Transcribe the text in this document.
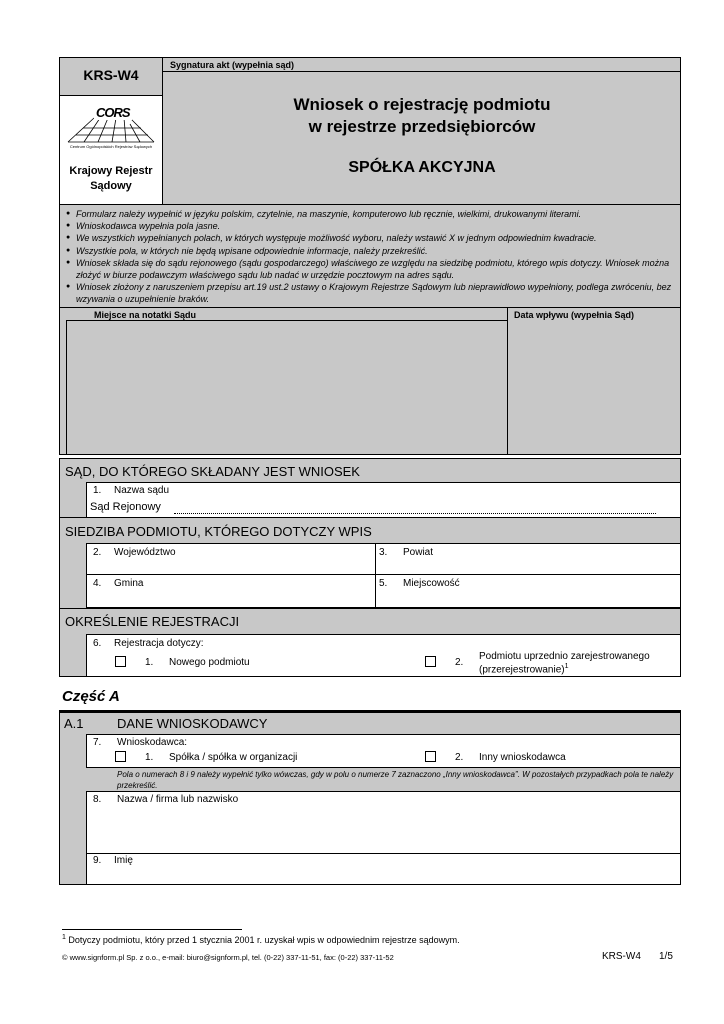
KRS-W4
Sygnatura akt (wypełnia sąd)
CORS
Centrum Ogólnopolskich Rejestrów Sądowych
Krajowy Rejestr Sądowy
Wniosek o rejestrację podmiotu
w rejestrze przedsiębiorców
SPÓŁKA AKCYJNA
● Formularz należy wypełnić w języku polskim, czytelnie, na maszynie, komputerowo lub ręcznie, wielkimi, drukowanymi literami.
● Wnioskodawca wypełnia pola jasne.
● We wszystkich wypełnianych polach, w których występuje możliwość wyboru, należy wstawić X w jednym odpowiednim kwadracie.
● Wszystkie pola, w których nie będą wpisane odpowiednie informacje, należy przekreślić.
● Wniosek składa się do sądu rejonowego (sądu gospodarczego) właściwego ze względu na siedzibę podmiotu, którego wpis dotyczy. Wniosek można złożyć w biurze podawczym właściwego sądu lub nadać w urzędzie pocztowym na adres sądu.
● Wniosek złożony z naruszeniem przepisu art.19 ust.2 ustawy o Krajowym Rejestrze Sądowym lub nieprawidłowo wypełniony, podlega zwróceniu, bez wzywania o uzupełnienie braków.
Miejsce na notatki Sądu	Data wpływu (wypełnia Sąd)
SĄD, DO KTÓREGO SKŁADANY JEST WNIOSEK
1. Nazwa sądu
Sąd Rejonowy
SIEDZIBA PODMIOTU, KTÓREGO DOTYCZY WPIS
2. Województwo	3. Powiat
4. Gmina	5. Miejscowość
OKREŚLENIE REJESTRACJI
6. Rejestracja dotyczy:
1. Nowego podmiotu	2.
Podmiotu uprzednio zarejestrowanego
(przerejestrowanie)$^1$
Część A
A.1	DANE WNIOSKODAWCY
7. Wnioskodawca:
1. Spółka / spółka w organizacji	2. Inny wnioskodawca
Pola o numerach 8 i 9 należy wypełnić tylko wówczas, gdy w polu o numerze 7 zaznaczono „Inny wnioskodawca”. W pozostałych przypadkach pola te należy przekreślić.
8. Nazwa / firma lub nazwisko
9. Imię
$^1$ Dotyczy podmiotu, który przed 1 stycznia 2001 r. uzyskał wpis w odpowiednim rejestrze sądowym.
© www.signform.pl Sp. z o.o., e-mail: biuro@signform.pl, tel. (0-22) 337-11-51, fax: (0-22) 337-11-52	KRS-W4 1/5
